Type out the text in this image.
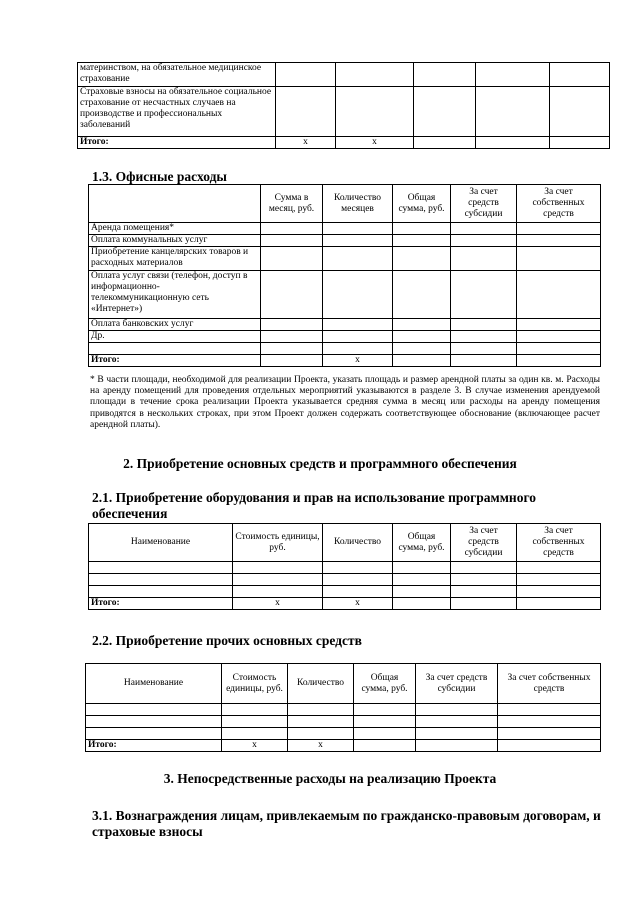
материнством, на обязательное медицинское страхование					
Страховые взносы на обязательное социальное страхование от несчастных случаев на производстве и профессиональных заболеваний					
Итого:	x	x			
1.3. Офисные расходы
	Сумма в месяц, руб.	Количество месяцев	Общая сумма, руб.	За счет средств субсидии	За счет собственных средств
Аренда помещения*					
Оплата коммунальных услуг					
Приобретение канцелярских товаров и расходных материалов					
Оплата услуг связи (телефон, доступ в информационно-телекоммуникационную сеть «Интернет»)					
Оплата банковских услуг					
Др.					

Итого:		x			
* В части площади, необходимой для реализации Проекта, указать площадь и размер арендной платы за один кв. м. Расходы на аренду помещений для проведения отдельных мероприятий указываются в разделе 3. В случае изменения арендуемой площади в течение срока реализации Проекта указывается средняя сумма в месяц или расходы на аренду помещения приводятся в нескольких строках, при этом Проект должен содержать соответствующее обоснование (включающее расчет арендной платы).
2. Приобретение основных средств и программного обеспечения
2.1. Приобретение оборудования и прав на использование программного обеспечения
Наименование	Стоимость единицы, руб.	Количество	Общая сумма, руб.	За счет средств субсидии	За счет собственных средств

Итого:	x	x			
2.2. Приобретение прочих основных средств
Наименование	Стоимость единицы, руб.	Количество	Общая сумма, руб.	За счет средств субсидии	За счет собственных средств

Итого:	x	x			
3. Непосредственные расходы на реализацию Проекта
3.1. Вознаграждения лицам, привлекаемым по гражданско-правовым договорам, и страховые взносы
